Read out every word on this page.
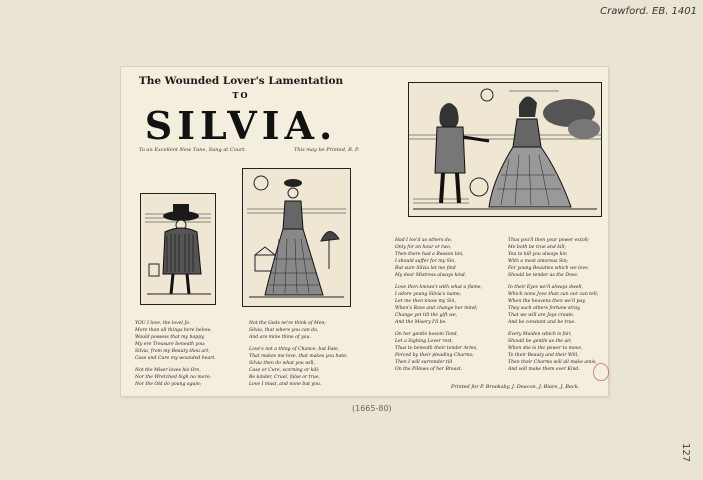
Crawford. EB. 1401
127
(1665-80)
The Wounded Lover's Lamentation
TO
SILVIA.
To an Excellent New Tune, Sung at Court.	This may be Printed, R. P.

YOU I love, the lovel Jo.
More than all things here below;
Would possess that my happy,
My ere Treasure beneath you:
Silvia, from my Beauty thou art,
Case and Cure my wounded heart.

Not the Miser loves his Ore,
Nor the Wretched high no more;
Nor the Old do young again;

Not the Gods ne're think of Men;
Silvia, that where you can do,
And are mine thine of you.

Love's not a thing of Chance, but Fate,
That makes me love, that makes you hate;
Silvia then do what you will,
Case or Cure, scorning or kill;
Be kinder, Cruel, false or true,
Love I must, and none but you.

Had I lov'd as others do,
Only for an hour or two,
Then there had a Reason bin,
I should suffer for my Sin,
But sure Silvia let me find
My dear Mistress always kind.

Love then knows't with what a flame,
I adore young Silvia's name;
Let me then know my Sin,
When's Rove and change her mind;
Change yet till the gift we,
And the Misery I'll be.

On her gentle bosom Tend,
Let a Sighing Lover rest,
Thus to beneath their tender Arms,
Forced by their pleading Charms;
Then I will surrender till
On the Pillows of her Breast.

Thus you'll then your power extoll;
Me both be true and kill;
You to kill you always kin
With a most amorous Sin;
For young Beauties which we love,
Should be tender as the Dove.

In their Eyes we'll always dwell,
Which none Jove than can our can tell;
When the heavens then we'll pay,
They such others fortune stray,
That we will are Joys create,
And be constant and be true.

Every Maiden which is fair,
Should be gentle as the air,
When she is the power to move,
To their Beauty and their Will,
Then their Charms will all make amis,
And will make them ever Kind.

Printed for P. Brooksby, J. Deacon, J. Blare, J. Back.
